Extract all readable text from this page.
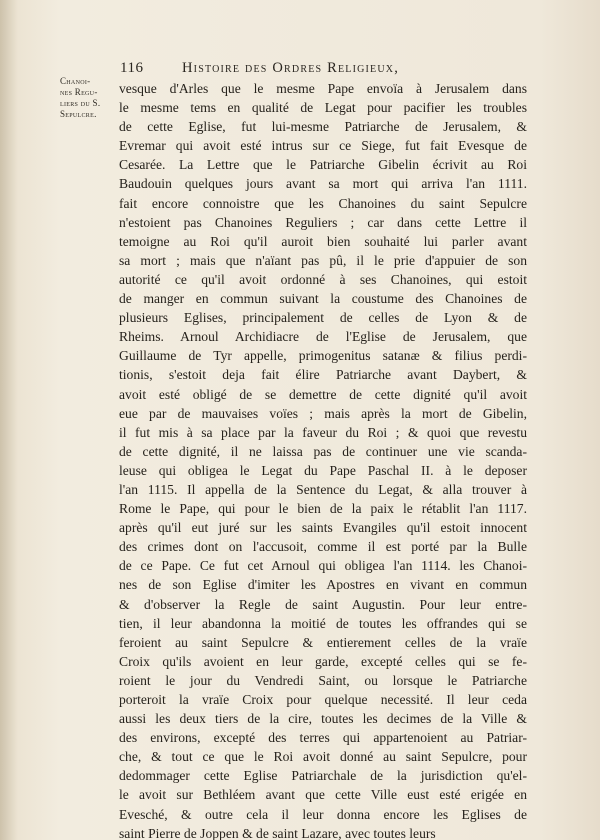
116	Histoire des Ordres Religieux,
Chanoi-
nes Regu-
liers du S.
Sepulcre.
vesque d'Arles que le mesme Pape envoïa à Jerusalem dans
le mesme tems en qualité de Legat pour pacifier les troubles
de cette Eglise, fut lui-mesme Patriarche de Jerusalem, &
Evremar qui avoit esté intrus sur ce Siege, fut fait Evesque de
Cesarée. La Lettre que le Patriarche Gibelin écrivit au Roi
Baudouin quelques jours avant sa mort qui arriva l'an 1111.
fait encore connoistre que les Chanoines du saint Sepulcre
n'estoient pas Chanoines Reguliers ; car dans cette Lettre il
temoigne au Roi qu'il auroit bien souhaité lui parler avant
sa mort ; mais que n'aïant pas pû, il le prie d'appuier de son
autorité ce qu'il avoit ordonné à ses Chanoines, qui estoit
de manger en commun suivant la coustume des Chanoines de
plusieurs Eglises, principalement de celles de Lyon & de
Rheims. Arnoul Archidiacre de l'Eglise de Jerusalem, que
Guillaume de Tyr appelle, primogenitus satanæ & filius perdi-
tionis, s'estoit deja fait élire Patriarche avant Daybert, &
avoit esté obligé de se demettre de cette dignité qu'il avoit
eue par de mauvaises voïes ; mais après la mort de Gibelin,
il fut mis à sa place par la faveur du Roi ; & quoi que revestu
de cette dignité, il ne laissa pas de continuer une vie scanda-
leuse qui obligea le Legat du Pape Paschal II. à le deposer
l'an 1115. Il appella de la Sentence du Legat, & alla trouver à
Rome le Pape, qui pour le bien de la paix le rétablit l'an 1117.
après qu'il eut juré sur les saints Evangiles qu'il estoit innocent
des crimes dont on l'accusoit, comme il est porté par la Bulle
de ce Pape. Ce fut cet Arnoul qui obligea l'an 1114. les Chanoi-
nes de son Eglise d'imiter les Apostres en vivant en commun
& d'observer la Regle de saint Augustin. Pour leur entre-
tien, il leur abandonna la moitié de toutes les offrandes qui se
feroient au saint Sepulcre & entierement celles de la vraïe
Croix qu'ils avoient en leur garde, excepté celles qui se fe-
roient le jour du Vendredi Saint, ou lorsque le Patriarche
porteroit la vraïe Croix pour quelque necessité. Il leur ceda
aussi les deux tiers de la cire, toutes les decimes de la Ville &
des environs, excepté des terres qui appartenoient au Patriar-
che, & tout ce que le Roi avoit donné au saint Sepulcre, pour
dedommager cette Eglise Patriarchale de la jurisdiction qu'el-
le avoit sur Bethléem avant que cette Ville eust esté erigée en
Evesché, & outre cela il leur donna encore les Eglises de
saint Pierre de Joppen & de saint Lazare, avec toutes leurs
